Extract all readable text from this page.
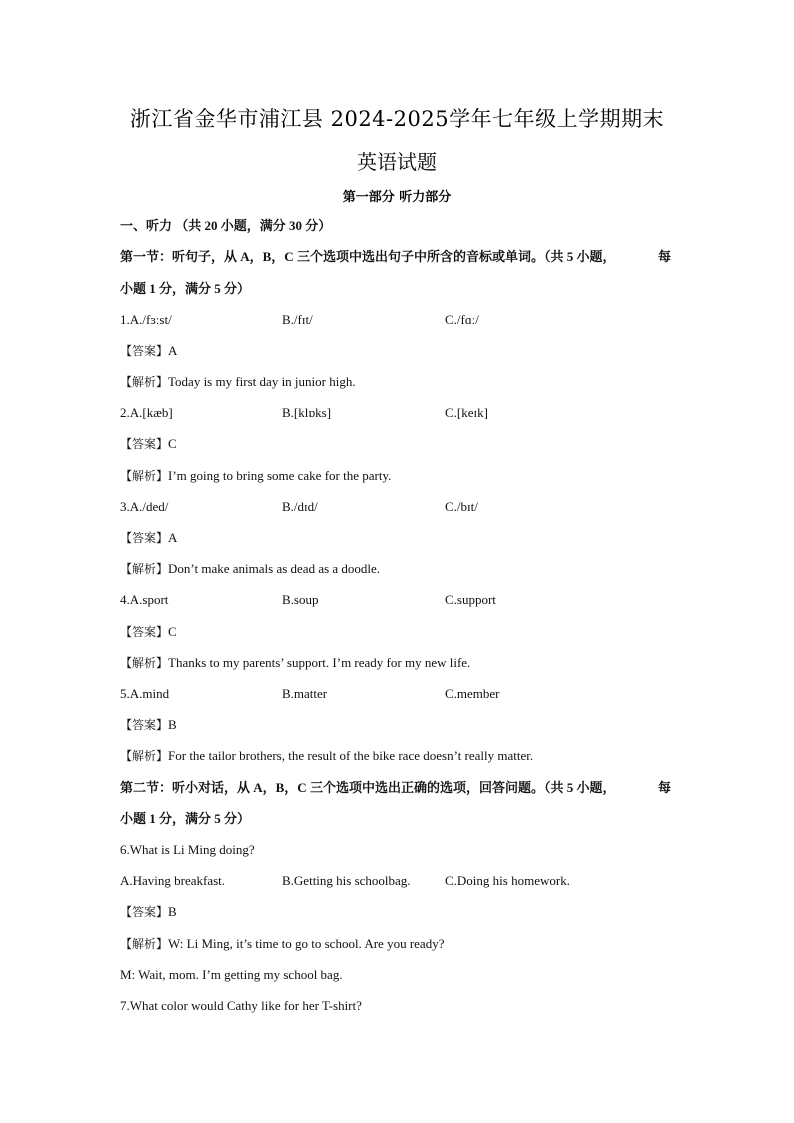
浙江省金华市浦江县 2024-2025学年七年级上学期期末
英语试题
第一部分 听力部分
一、听力 （共 20 小题，满分 30 分）
第一节：听句子，从 A，B，C 三个选项中选出句子中所含的音标或单词。（共 5 小题，	每
小题 1 分，满分 5 分）
1.A./fɜːst/	B./fɪt/	C./fɑː/
【答案】A
【解析】Today is my first day in junior high.
2.A.[kæb]	B.[klɒks]	C.[keɪk]
【答案】C
【解析】I’m going to bring some cake for the party.
3.A./ded/	B./dɪd/	C./bɪt/
【答案】A
【解析】Don’t make animals as dead as a doodle.
4.A.sport	B.soup	C.support
【答案】C
【解析】Thanks to my parents’ support. I’m ready for my new life.
5.A.mind	B.matter	C.member
【答案】B
【解析】For the tailor brothers, the result of the bike race doesn’t really matter.
第二节：听小对话，从 A，B，C 三个选项中选出正确的选项，回答问题。（共 5 小题，	每
小题 1 分，满分 5 分）
6.What is Li Ming doing?
A.Having breakfast.	B.Getting his schoolbag.	C.Doing his homework.
【答案】B
【解析】W: Li Ming, it’s time to go to school. Are you ready?
M: Wait, mom. I’m getting my school bag.
7.What color would Cathy like for her T-shirt?
